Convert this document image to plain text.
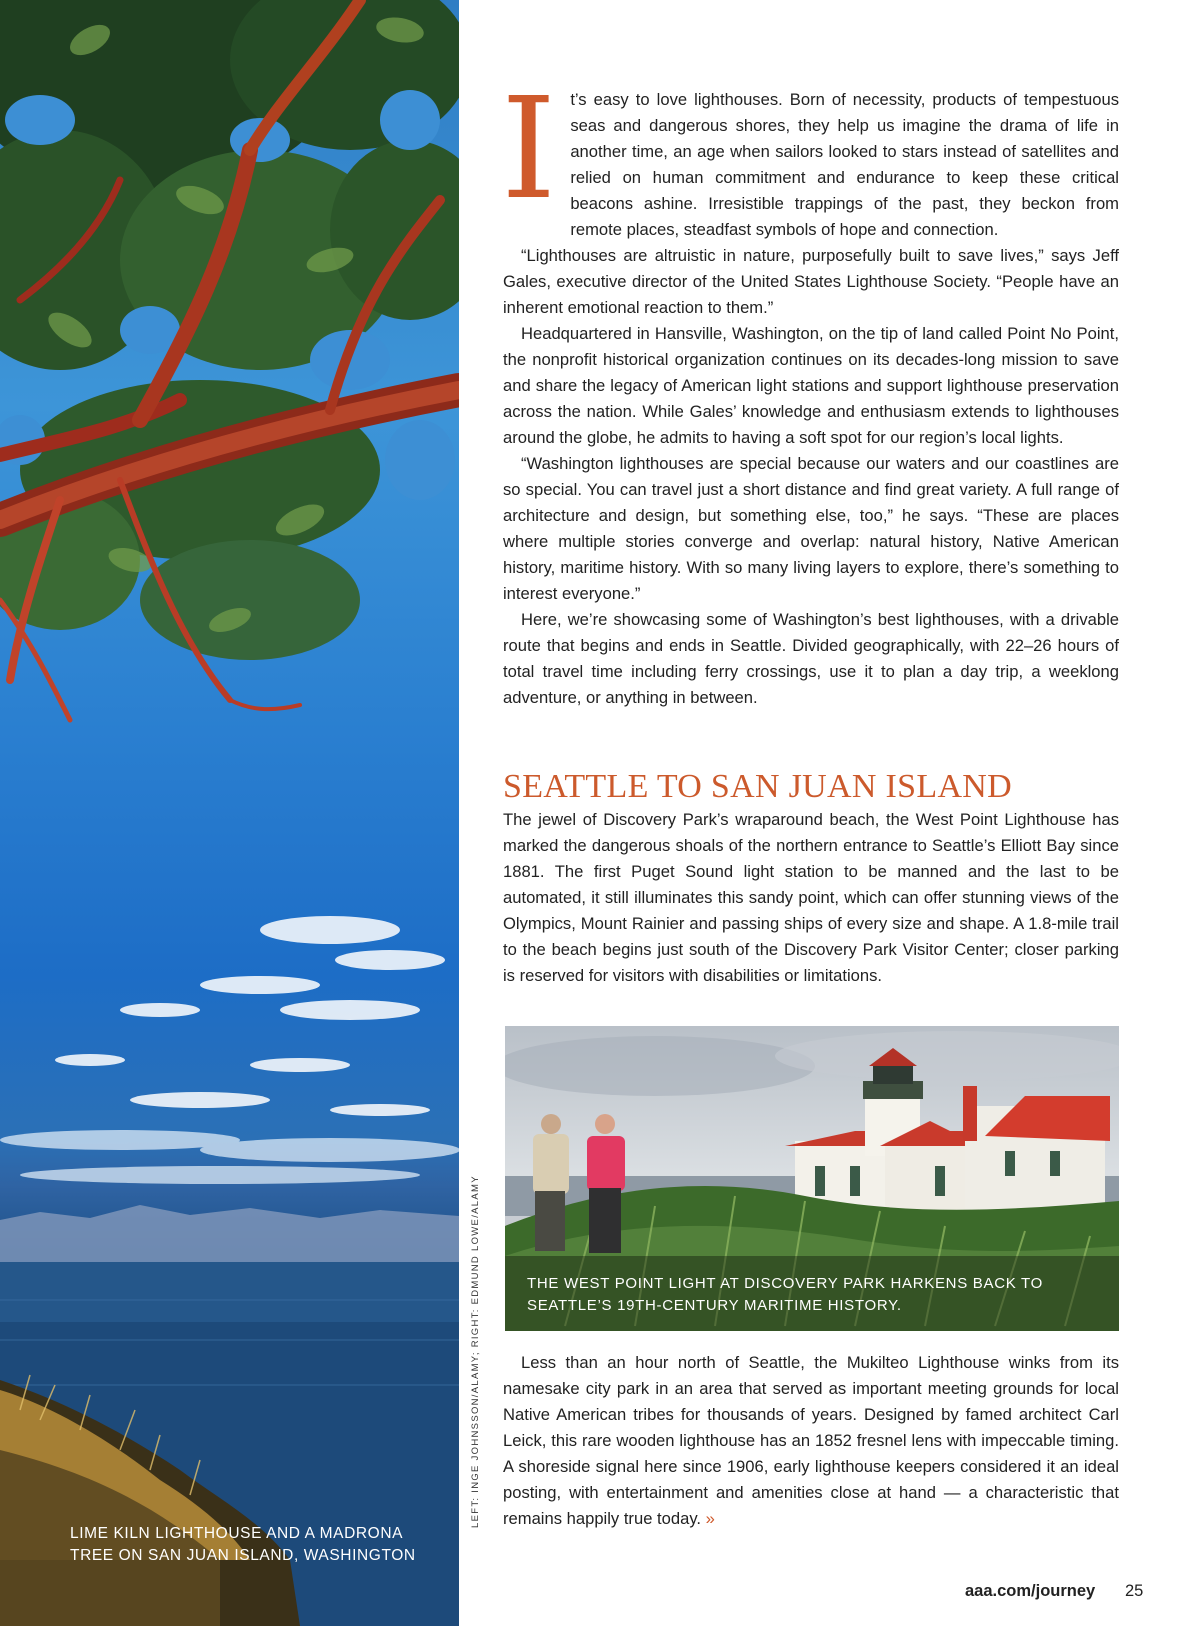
LIME KILN LIGHTHOUSE AND A MADRONA TREE ON SAN JUAN ISLAND, WASHINGTON
LEFT: INGE JOHNSSON/ALAMY; RIGHT: EDMUND LOWE/ALAMY

It’s easy to love lighthouses. Born of necessity, products of tempestuous seas and dangerous shores, they help us imagine the drama of life in another time, an age when sailors looked to stars instead of satellites and relied on human commitment and endurance to keep these critical beacons ashine. Irresistible trappings of the past, they beckon from remote places, steadfast symbols of hope and connection.

“Lighthouses are altruistic in nature, purposefully built to save lives,” says Jeff Gales, executive director of the United States Lighthouse Society. “People have an inherent emotional reaction to them.”

Headquartered in Hansville, Washington, on the tip of land called Point No Point, the nonprofit historical organization continues on its decades-long mission to save and share the legacy of American light stations and support lighthouse preservation across the nation. While Gales’ knowledge and enthusiasm extends to lighthouses around the globe, he admits to having a soft spot for our region’s local lights.

“Washington lighthouses are special because our waters and our coastlines are so special. You can travel just a short distance and find great variety. A full range of architecture and design, but something else, too,” he says. “These are places where multiple stories converge and overlap: natural history, Native American history, maritime history. With so many living layers to explore, there’s something to interest everyone.”

Here, we’re showcasing some of Washington’s best lighthouses, with a drivable route that begins and ends in Seattle. Divided geographically, with 22–26 hours of total travel time including ferry crossings, use it to plan a day trip, a weeklong adventure, or anything in between.

SEATTLE TO SAN JUAN ISLAND

The jewel of Discovery Park’s wraparound beach, the West Point Lighthouse has marked the dangerous shoals of the northern entrance to Seattle’s Elliott Bay since 1881. The first Puget Sound light station to be manned and the last to be automated, it still illuminates this sandy point, which can offer stunning views of the Olympics, Mount Rainier and passing ships of every size and shape. A 1.8-mile trail to the beach begins just south of the Discovery Park Visitor Center; closer parking is reserved for visitors with disabilities or limitations.

THE WEST POINT LIGHT AT DISCOVERY PARK HARKENS BACK TO SEATTLE’S 19TH-CENTURY MARITIME HISTORY.

Less than an hour north of Seattle, the Mukilteo Lighthouse winks from its namesake city park in an area that served as important meeting grounds for local Native American tribes for thousands of years. Designed by famed architect Carl Leick, this rare wooden lighthouse has an 1852 fresnel lens with impeccable timing. A shoreside signal here since 1906, early lighthouse keepers considered it an ideal posting, with entertainment and amenities close at hand — a characteristic that remains happily true today. »

aaa.com/journey 25
